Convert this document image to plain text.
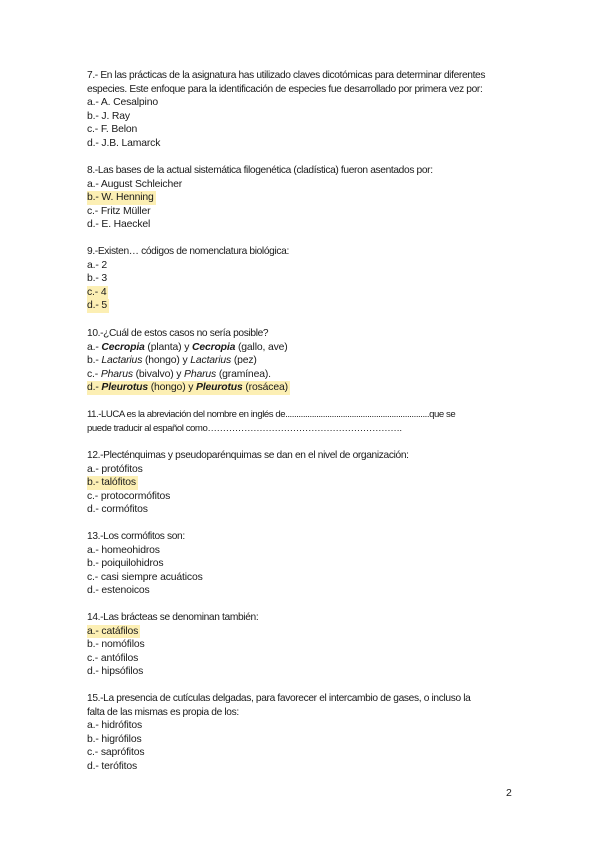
7.- En las prácticas de la asignatura has utilizado claves dicotómicas para determinar diferentes
especies. Este enfoque para la identificación de especies fue desarrollado por primera vez por:
a.- A. Cesalpino
b.- J. Ray
c.- F. Belon
d.- J.B. Lamarck
8.-Las bases de la actual sistemática filogenética (cladística) fueron asentados por:
a.- August Schleicher
b.- W. Henning
c.- Fritz Müller
d.- E. Haeckel
9.-Existen… códigos de nomenclatura biológica:
a.- 2
b.- 3
c.- 4
d.- 5
10.-¿Cuál de estos casos no sería posible?
a.- Cecropia (planta) y Cecropia (gallo, ave)
b.- Lactarius (hongo) y Lactarius (pez)
c.- Pharus (bivalvo) y Pharus (gramínea).
d.- Pleurotus (hongo) y Pleurotus (rosácea)
11.-LUCA es la abreviación del nombre en inglés de.................................................................que se
puede traducir al español como……………………………………………………….
12.-Plecténquimas y pseudoparénquimas se dan en el nivel de organización:
a.- protófitos
b.- talófitos
c.- protocormófitos
d.- cormófitos
13.-Los cormófitos son:
a.- homeohidros
b.- poiquilohidros
c.- casi siempre acuáticos
d.- estenoicos
14.-Las brácteas se denominan también:
a.- catáfilos
b.- nomófilos
c.- antófilos
d.- hipsófilos
15.-La presencia de cutículas delgadas, para favorecer el intercambio de gases, o incluso la
falta de las mismas es propia de los:
a.- hidrófitos
b.- higrófilos
c.- saprófitos
d.- terófitos
2
